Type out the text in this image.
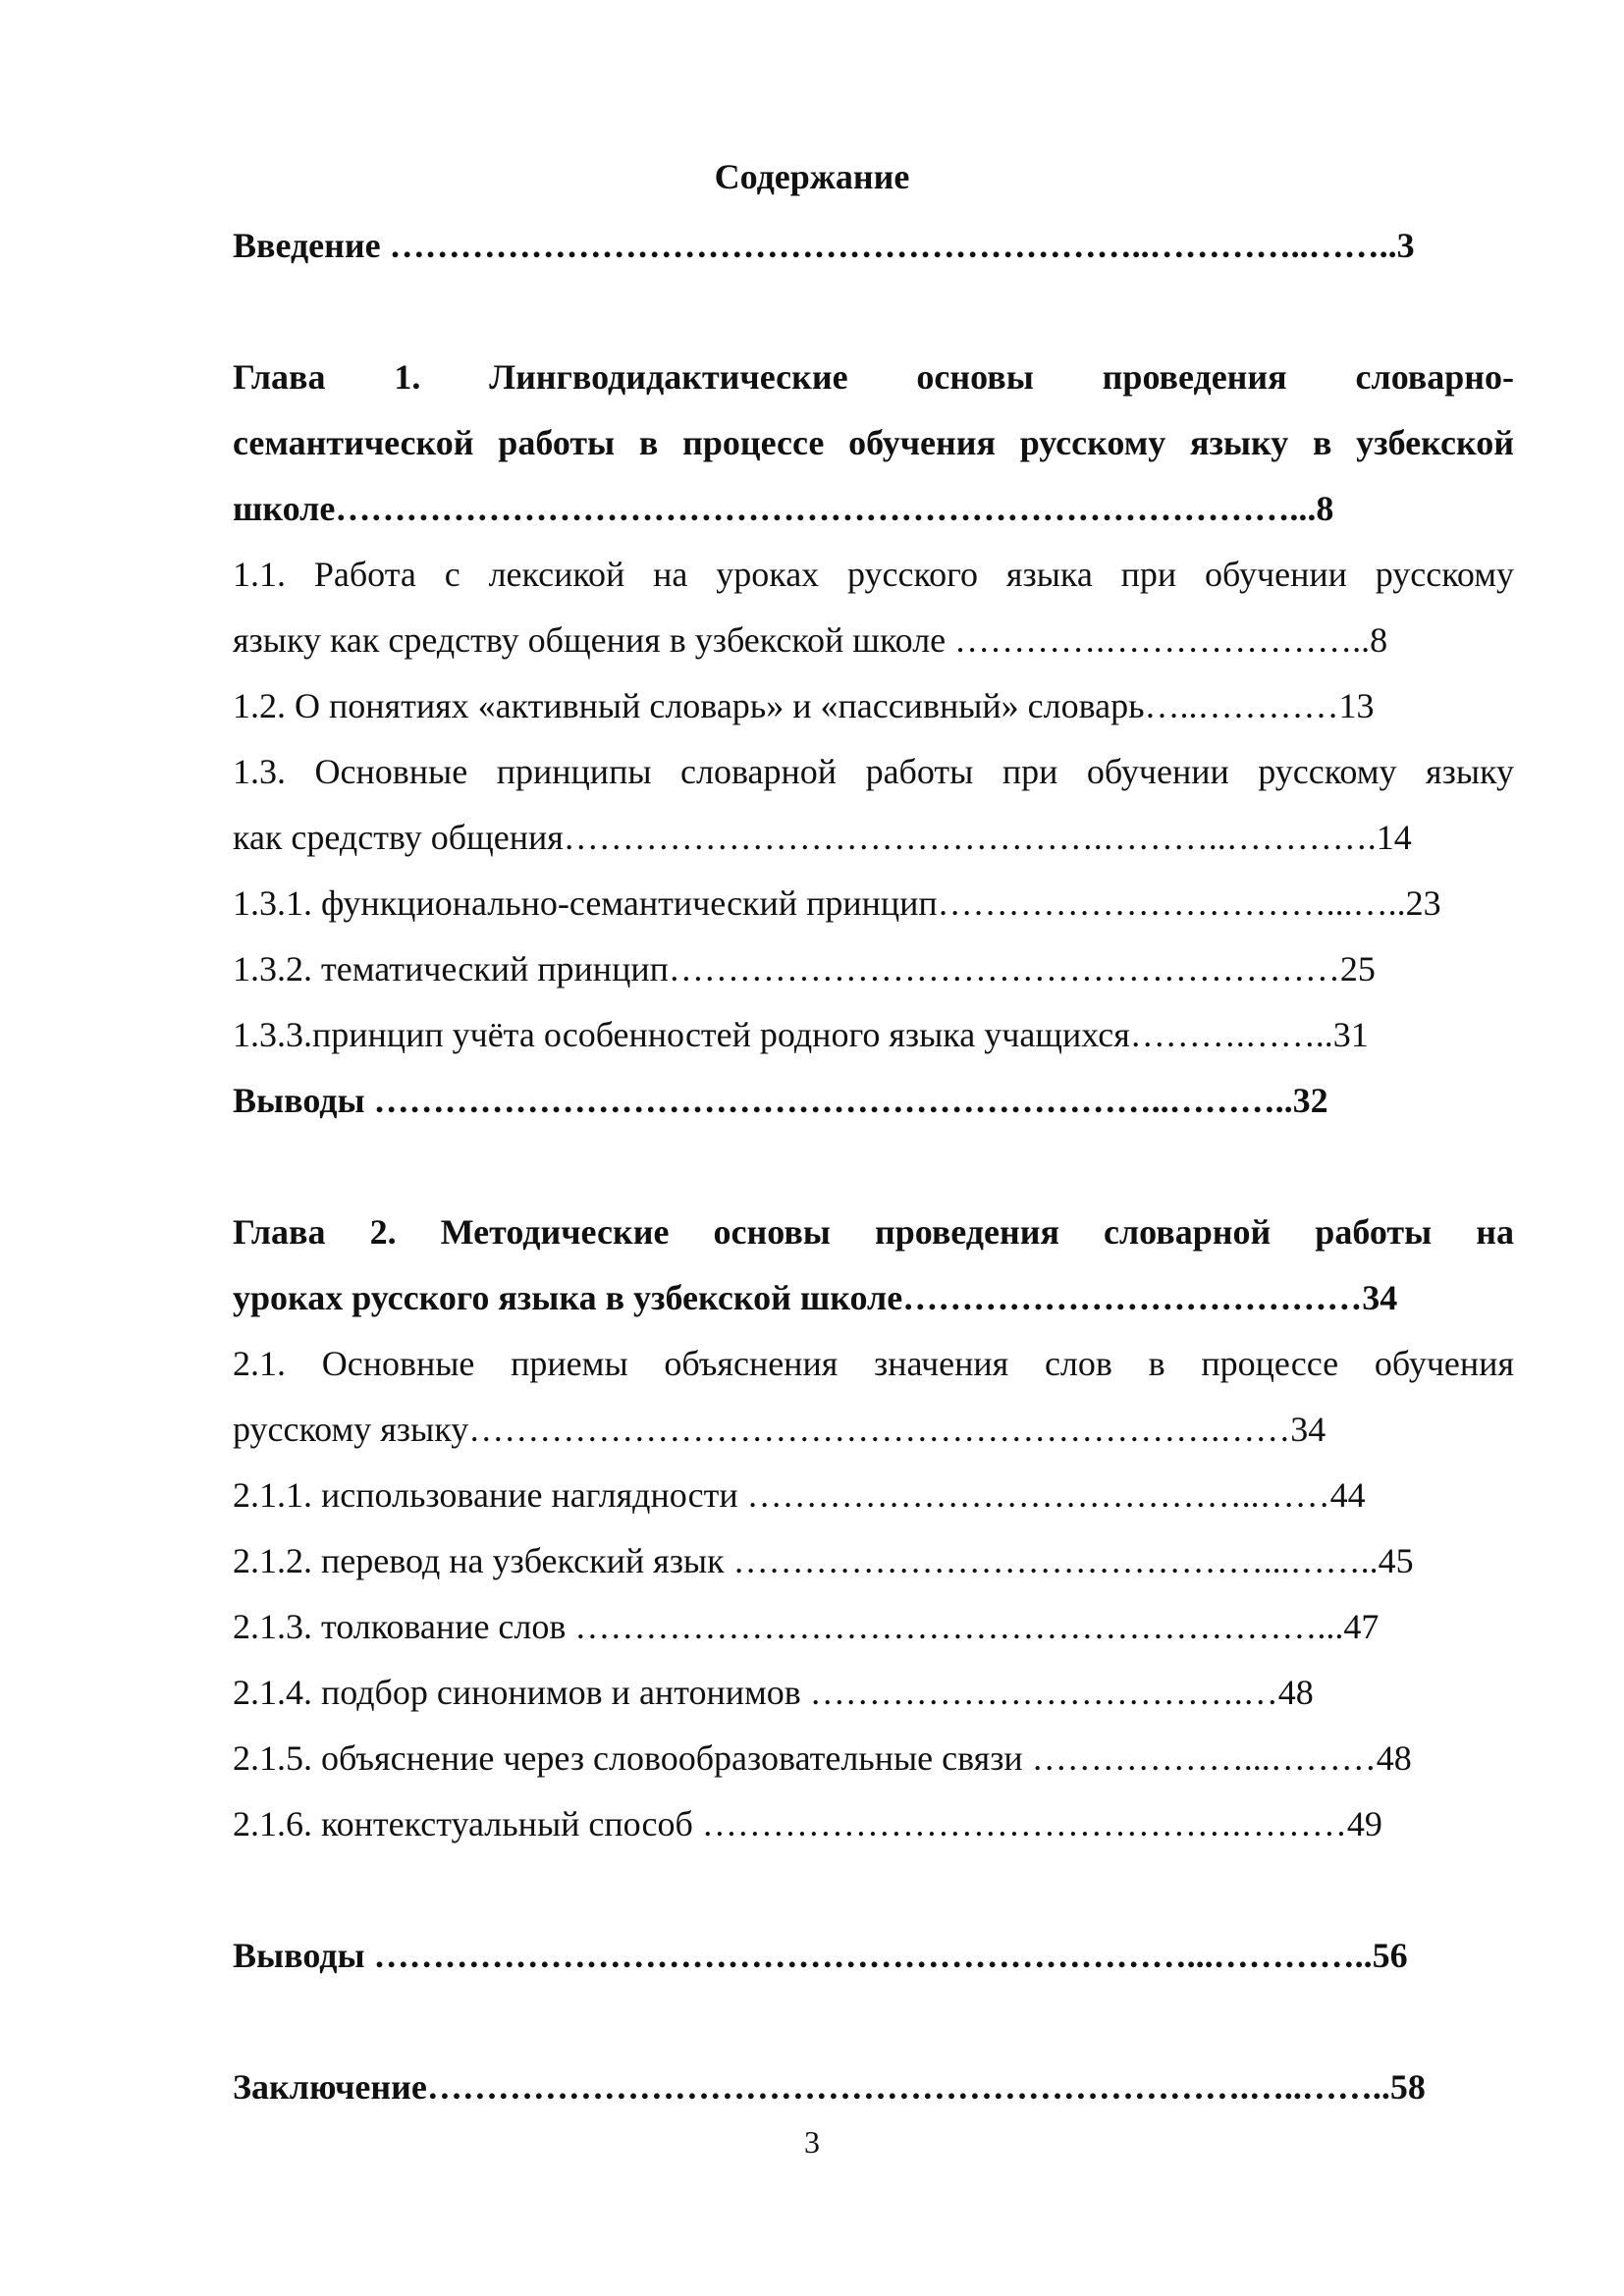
Содержание
Введение ………………………………………………………..…………..……..3
Глава 1. Лингводидактические основы проведения словарно-
семантической работы в процессе обучения русскому языку в узбекской
школе………………………………………………………………………...8
1.1. Работа с лексикой на уроках русского языка при обучении русскому
языку как средству общения в узбекской школе ………….…………………..8
1.2. О понятиях «активный словарь» и «пассивный» словарь…..…………13
1.3. Основные принципы словарной работы при обучении русскому языку
как средству общения……………………………………….………..………….14
1.3.1. функционально-семантический принцип……………………………...…..23
1.3.2. тематический принцип…………………………………………………25
1.3.3.принцип учёта особенностей родного языка учащихся……….……..31
Выводы …………………………………………………………..………..32
Глава 2. Методические основы проведения словарной работы на
уроках русского языка в узбекской школе…………………………………34
2.1. Основные приемы объяснения значения слов в процессе обучения
русскому языку……………………………………………………….……34
2.1.1. использование наглядности ……………………………………..……44
2.1.2. перевод на узбекский язык ………………………………………...……..45
2.1.3. толкование слов ………………………………………………………...47
2.1.4. подбор синонимов и антонимов ……………………………….…48
2.1.5. объяснение через словообразовательные связи ………………...………48
2.1.6. контекстуальный способ ……………………………………….………49
Выводы ……………………………………………………………...…………..56
Заключение…………………………………………………………….…..……..58
3
